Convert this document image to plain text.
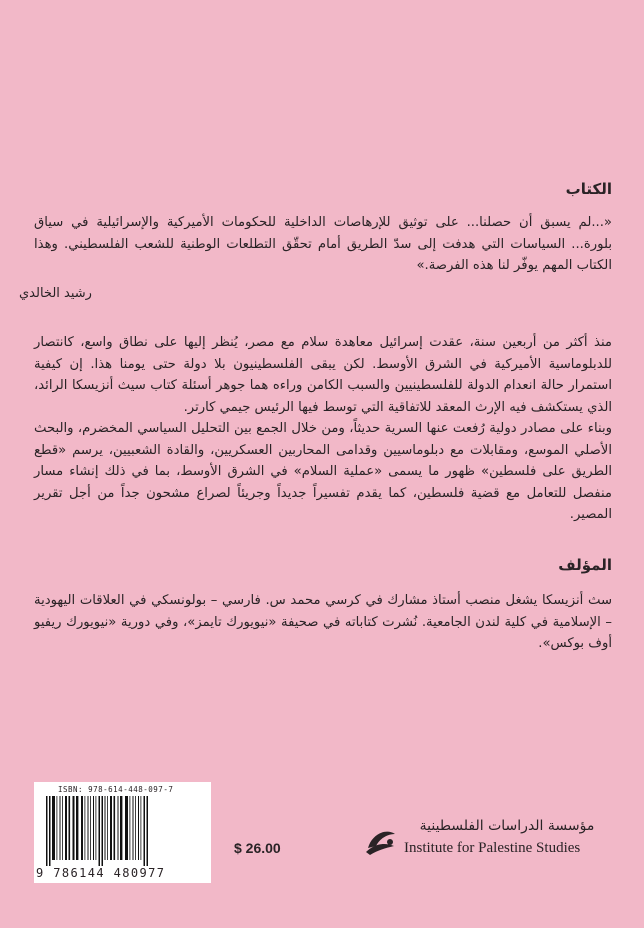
الكتاب

«...لم يسبق أن حصلنا... على توثيق للإرهاصات الداخلية للحكومات الأميركية والإسرائيلية في سياق بلورة... السياسات التي هدفت إلى سدّ الطريق أمام تحقّق التطلعات الوطنية للشعب الفلسطيني. وهذا الكتاب المهم يوفّر لنا هذه الفرصة.»

رشيد الخالدي

منذ أكثر من أربعين سنة، عقدت إسرائيل معاهدة سلام مع مصر، يُنظر إليها على نطاق واسع، كانتصار للدبلوماسية الأميركية في الشرق الأوسط. لكن يبقى الفلسطينيون بلا دولة حتى يومنا هذا. إن كيفية استمرار حالة انعدام الدولة للفلسطينيين والسبب الكامن وراءه هما جوهر أسئلة كتاب سيث أنزيسكا الرائد، الذي يستكشف فيه الإرث المعقد للاتفاقية التي توسط فيها الرئيس جيمي كارتر.

وبناء على مصادر دولية رُفعت عنها السرية حديثاً، ومن خلال الجمع بين التحليل السياسي المخضرم، والبحث الأصلي الموسع، ومقابلات مع دبلوماسيين وقدامى المحاربين العسكريين، والقادة الشعبيين، يرسم «قطع الطريق على فلسطين» ظهور ما يسمى «عملية السلام» في الشرق الأوسط، بما في ذلك إنشاء مسار منفصل للتعامل مع قضية فلسطين، كما يقدم تفسيراً جديداً وجريئاً لصراع مشحون جداً من أجل تقرير المصير.

المؤلف

سث أنزيسكا يشغل منصب أستاذ مشارك في كرسي محمد س. فارسي – بولونسكي في العلاقات اليهودية – الإسلامية في كلية لندن الجامعية. نُشرت كتاباته في صحيفة «نيويورك تايمز»، وفي دورية «نيويورك ريفيو أوف بوكس».

ISBN: 978-614-448-097-7
9 786144 480977
$ 26.00
مؤسسة الدراسات الفلسطينية
Institute for Palestine Studies
